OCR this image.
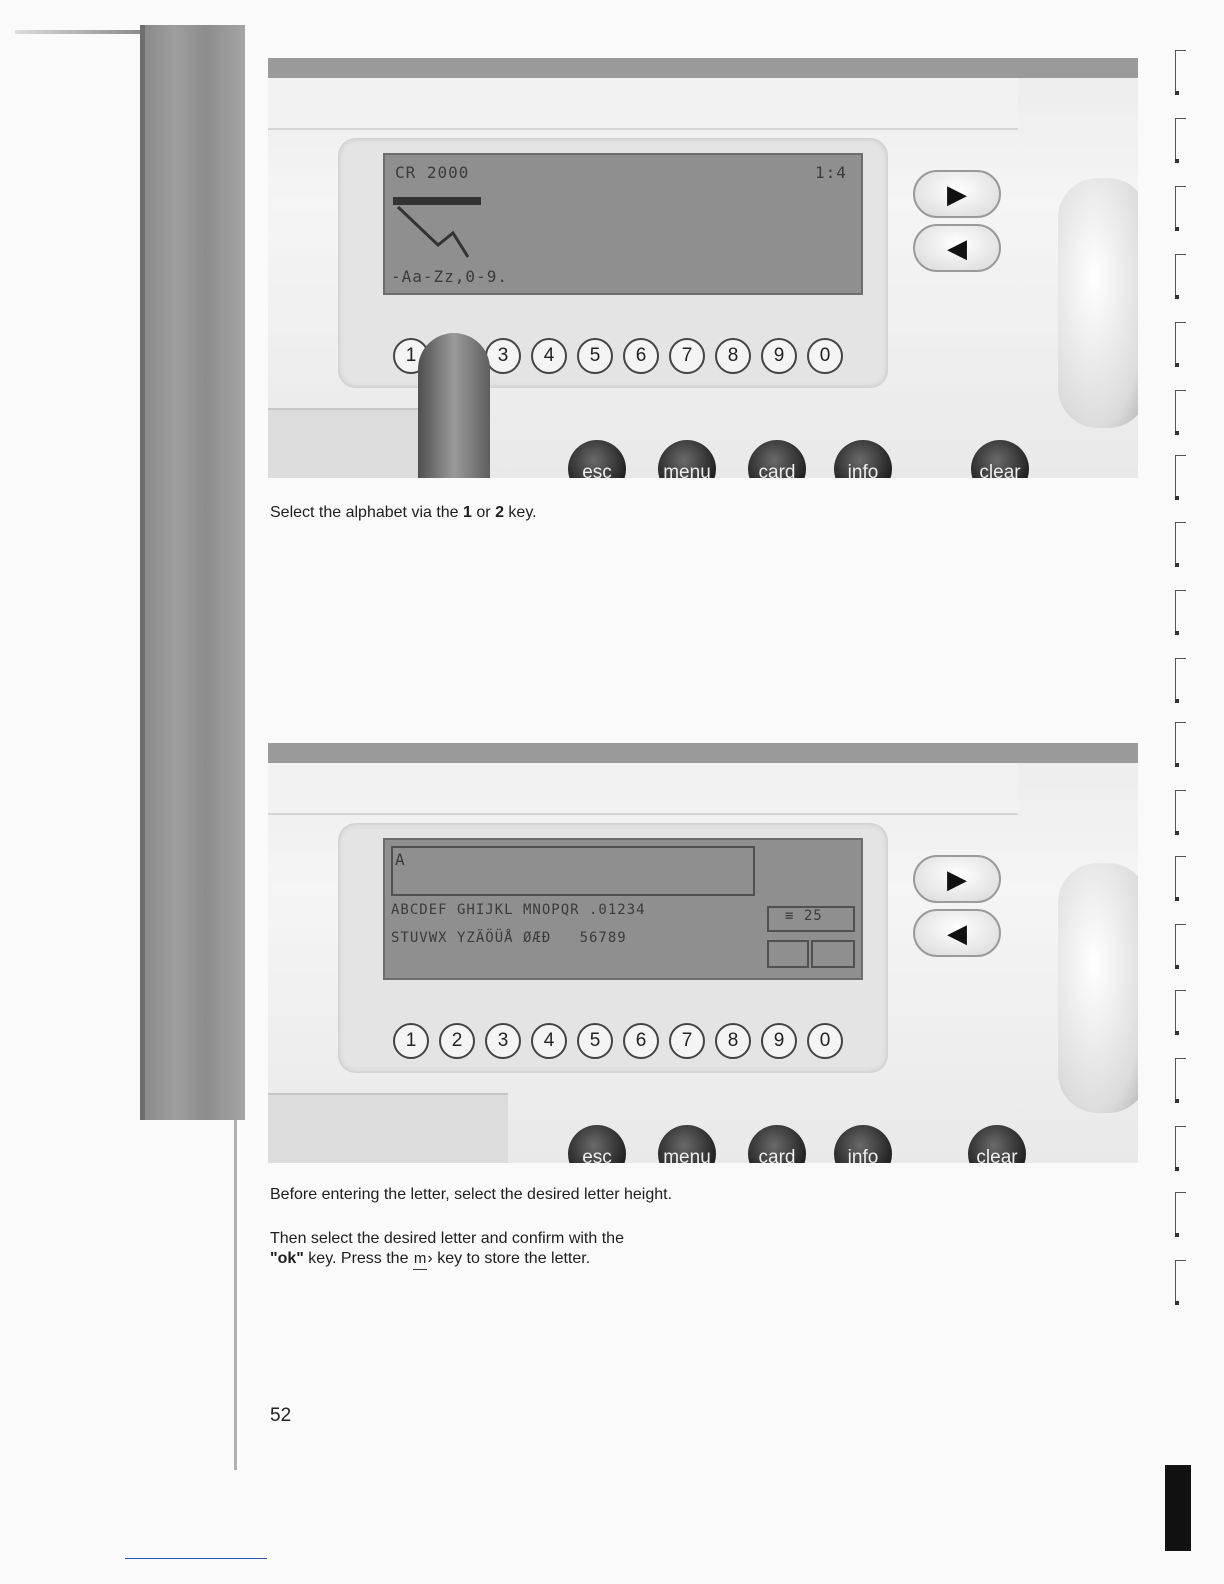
CR 2000	1:4
-Aa-Zz,0-9.
▶
◀
1	3	4	5	6	7	8	9	0
esc	menu	card	info	clear

Select the alphabet via the 1 or 2 key.

A
ABCDEF GHIJKL MNOPQR .01234
STUVWX YZÄÖÜÅ ØÆÐ   56789
≡ 25
▶
◀
1	2	3	4	5	6	7	8	9	0
esc	menu	card	info	clear

Before entering the letter, select the desired letter height.

Then select the desired letter and confirm with the
"ok" key. Press the m› key to store the letter.

52
